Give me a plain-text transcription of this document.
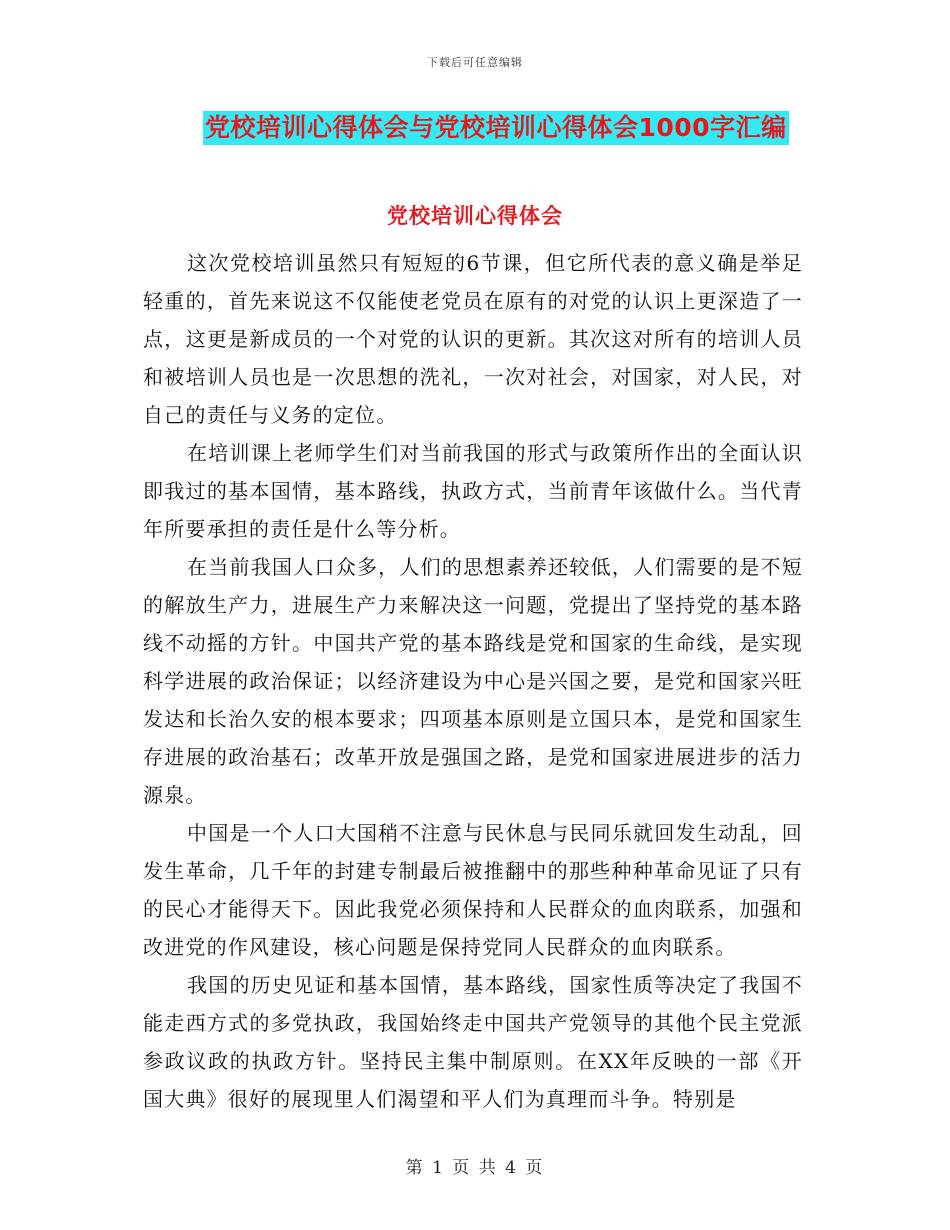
下载后可任意编辑
党校培训心得体会与党校培训心得体会1000字汇编
党校培训心得体会

这次党校培训虽然只有短短的6节课，但它所代表的意义确是举足轻重的，首先来说这不仅能使老党员在原有的对党的认识上更深造了一点，这更是新成员的一个对党的认识的更新。其次这对所有的培训人员和被培训人员也是一次思想的洗礼，一次对社会，对国家，对人民，对自己的责任与义务的定位。

在培训课上老师学生们对当前我国的形式与政策所作出的全面认识即我过的基本国情，基本路线，执政方式，当前青年该做什么。当代青年所要承担的责任是什么等分析。

在当前我国人口众多，人们的思想素养还较低，人们需要的是不短的解放生产力，进展生产力来解决这一问题，党提出了坚持党的基本路线不动摇的方针。中国共产党的基本路线是党和国家的生命线，是实现科学进展的政治保证；以经济建设为中心是兴国之要，是党和国家兴旺发达和长治久安的根本要求；四项基本原则是立国只本，是党和国家生存进展的政治基石；改革开放是强国之路，是党和国家进展进步的活力源泉。

中国是一个人口大国稍不注意与民休息与民同乐就回发生动乱，回发生革命，几千年的封建专制最后被推翻中的那些种种革命见证了只有的民心才能得天下。因此我党必须保持和人民群众的血肉联系，加强和改进党的作风建设，核心问题是保持党同人民群众的血肉联系。

我国的历史见证和基本国情，基本路线，国家性质等决定了我国不能走西方式的多党执政，我国始终走中国共产党领导的其他个民主党派参政议政的执政方针。坚持民主集中制原则。在XX年反映的一部《开国大典》很好的展现里人们渴望和平人们为真理而斗争。特别是

第 1 页 共 4 页
